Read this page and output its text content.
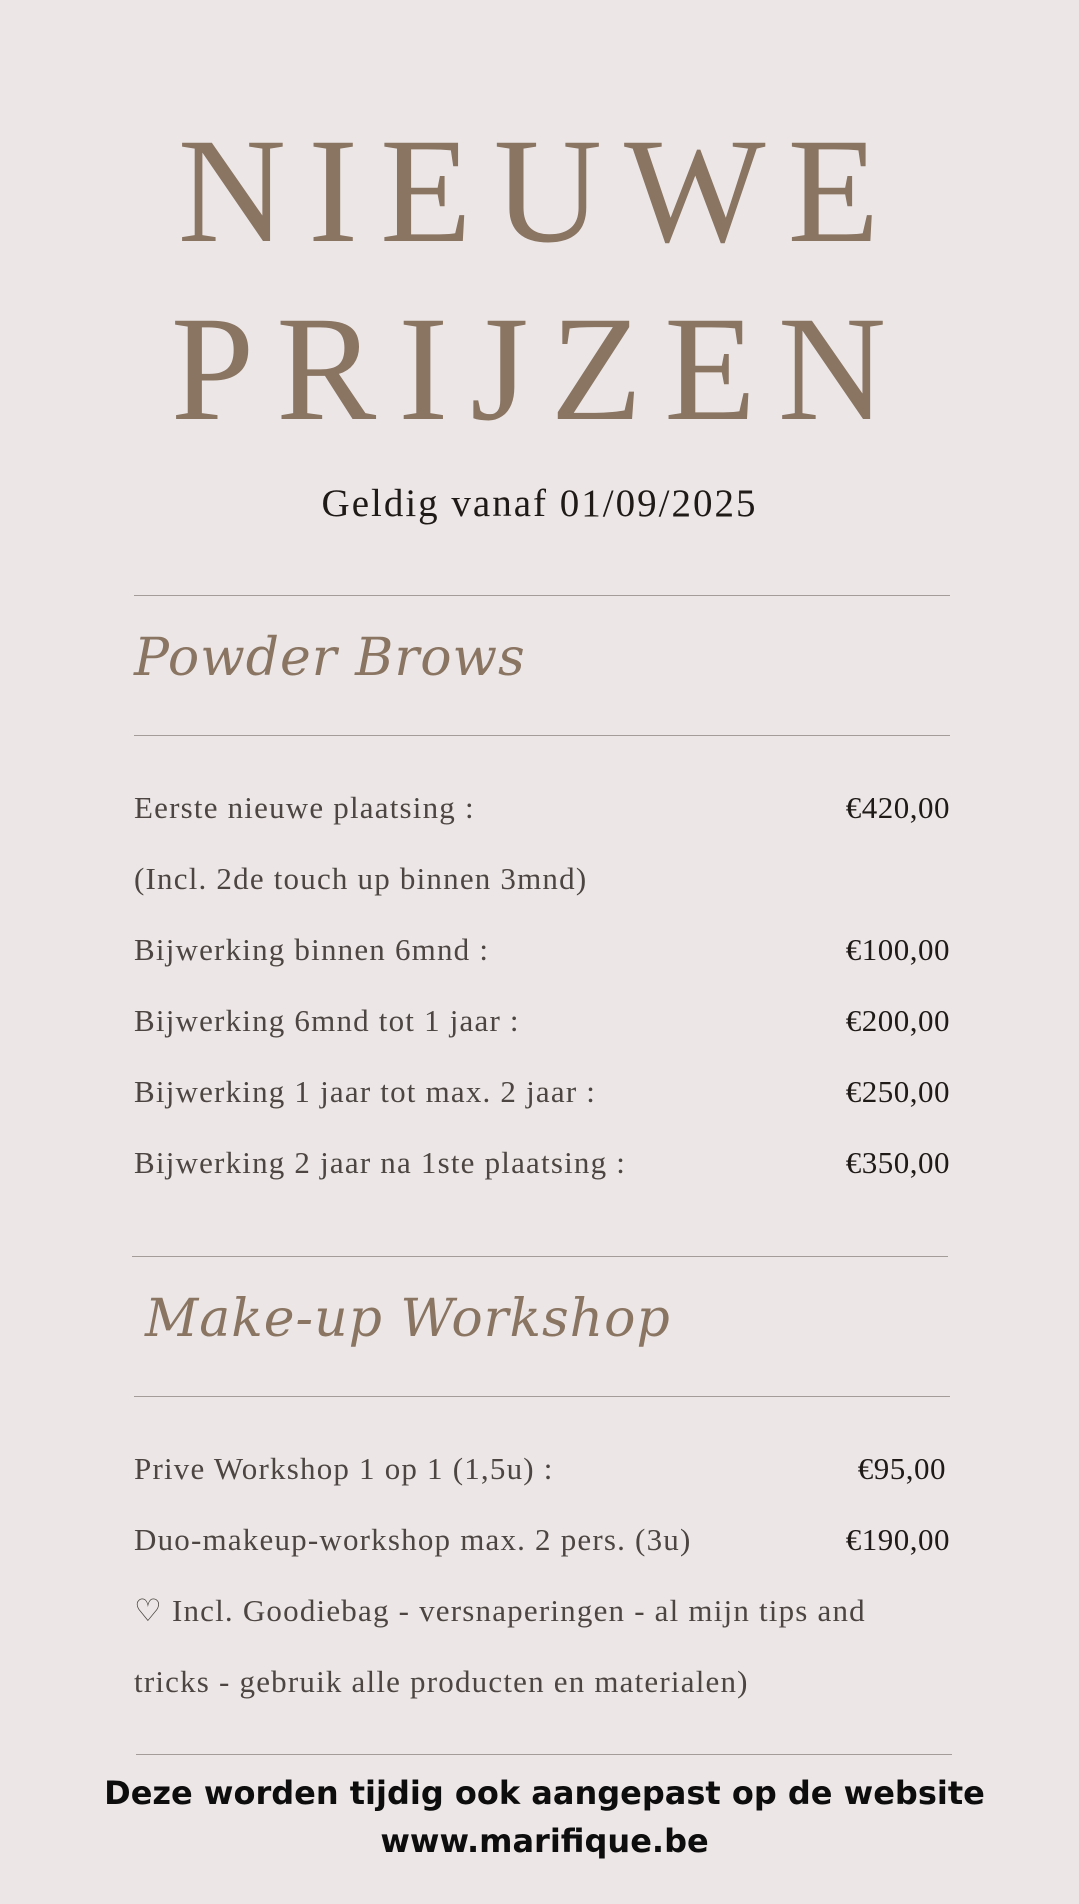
NIEUWE
PRIJZEN
Geldig vanaf 01/09/2025
Powder Brows
Eerste nieuwe plaatsing :	€420,00
(Incl. 2de touch up binnen 3mnd)
Bijwerking binnen 6mnd :	€100,00
Bijwerking 6mnd tot 1 jaar :	€200,00
Bijwerking 1 jaar tot max. 2 jaar :	€250,00
Bijwerking 2 jaar na 1ste plaatsing :	€350,00
Make-up Workshop
Prive Workshop 1 op 1 (1,5u) :	€95,00
Duo-makeup-workshop max. 2 pers. (3u)	€190,00
♡ Incl. Goodiebag - versnaperingen - al mijn tips and
tricks - gebruik alle producten en materialen)
Deze worden tijdig ook aangepast op de website
www.marifique.be
